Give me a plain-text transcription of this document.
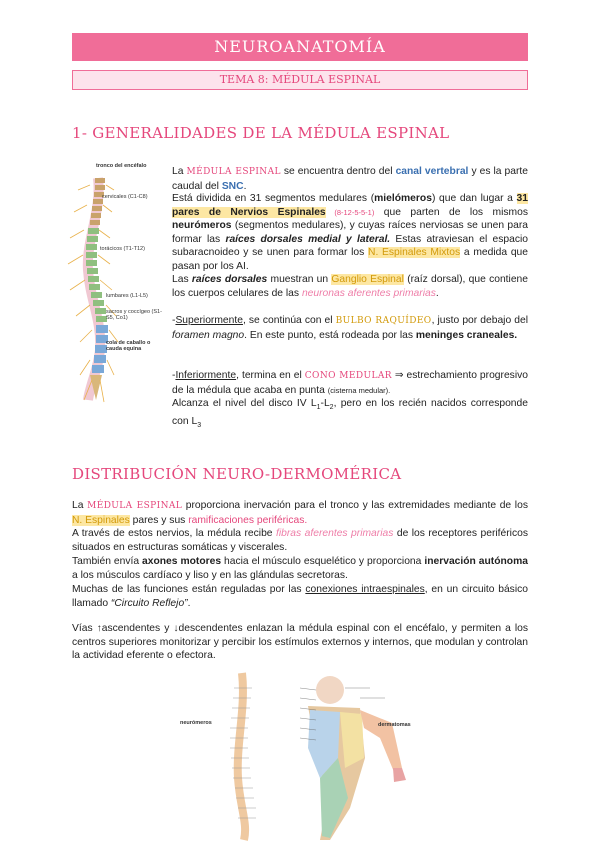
NEUROANATOMÍA
TEMA 8: MÉDULA ESPINAL
1- GENERALIDADES DE LA MÉDULA ESPINAL
tronco del encéfalo
cervicales (C1-C8)
torácicos (T1-T12)
lumbares (L1-L5)
sacros y coccígeo (S1-S5, Co1)
cola de caballo o cauda equina
La MÉDULA ESPINAL se encuentra dentro del canal vertebral y es la parte caudal del SNC.
Está dividida en 31 segmentos medulares (mielómeros) que dan lugar a 31 pares de Nervios Espinales (8-12-5-5-1) que parten de los mismos neurómeros (segmentos medulares), y cuyas raíces nerviosas se unen para formar las raíces dorsales medial y lateral. Estas atraviesan el espacio subaracnoideo y se unen para formar los N. Espinales Mixtos a medida que pasan por los AI.
Las raíces dorsales muestran un Ganglio Espinal (raíz dorsal), que contiene los cuerpos celulares de las neuronas aferentes primarias.
-Superiormente, se continúa con el BULBO RAQUÍDEO, justo por debajo del foramen magno. En este punto, está rodeada por las meninges craneales.
-Inferiormente, termina en el CONO MEDULAR ⇒ estrechamiento progresivo de la médula que acaba en punta (cisterna medular).
Alcanza el nivel del disco IV $L_1-L_2$, pero en los recién nacidos corresponde con $L_3$
DISTRIBUCIÓN NEURO-DERMOMÉRICA
La MÉDULA ESPINAL proporciona inervación para el tronco y las extremidades mediante de los N. Espinales pares y sus ramificaciones periféricas.
A través de estos nervios, la médula recibe fibras aferentes primarias de los receptores periféricos situados en estructuras somáticas y viscerales.
También envía axones motores hacia el músculo esquelético y proporciona inervación autónoma a los músculos cardíaco y liso y en las glándulas secretoras.
Muchas de las funciones están reguladas por las conexiones intraespinales, en un circuito básico llamado “Circuito Reflejo”.
Vías ↑ascendentes y ↓descendentes enlazan la médula espinal con el encéfalo, y permiten a los centros superiores monitorizar y percibir los estímulos externos y internos, que modulan y controlan la actividad eferente o efectora.
neurómeros	dermatomas
